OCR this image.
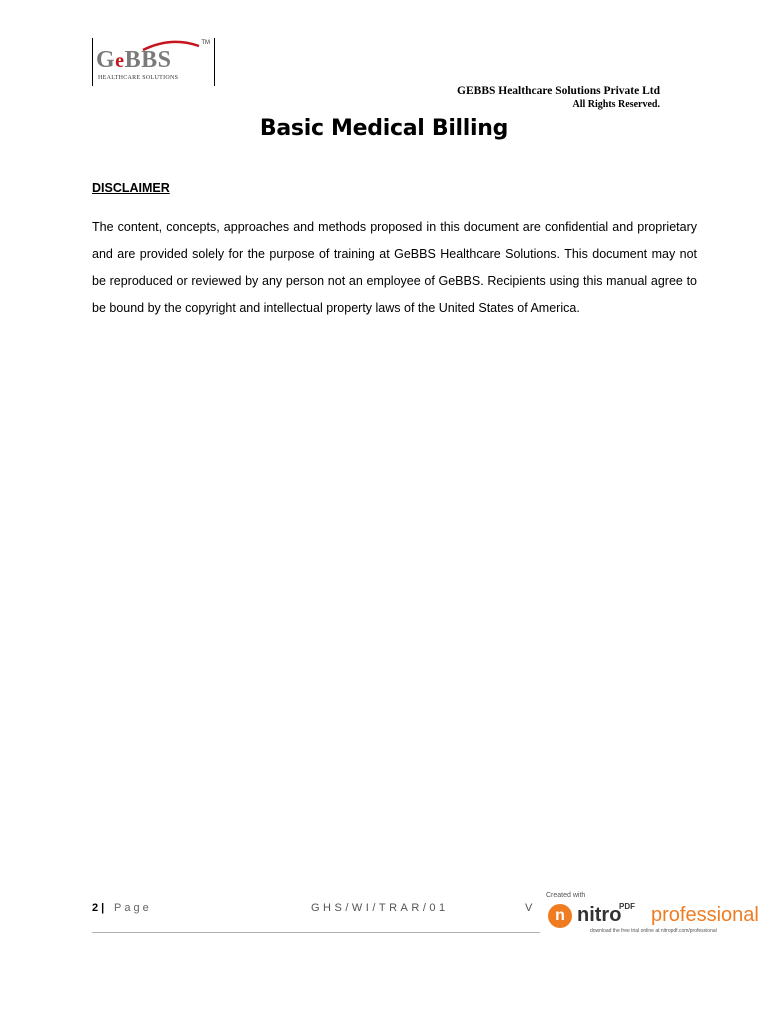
GeBBS
TM
HEALTHCARE SOLUTIONS
GEBBS Healthcare Solutions Private Ltd
All Rights Reserved.
Basic Medical Billing
DISCLAIMER

The content, concepts, approaches and methods proposed in this document are confidential and proprietary and are provided solely for the purpose of training at GeBBS Healthcare Solutions. This document may not be reproduced or reviewed by any person not an employee of GeBBS. Recipients using this manual agree to be bound by the copyright and intellectual property laws of the United States of America.

2 | Page	GHS/WI/TRAR/01	V
Created with
n nitro
PDF professional
download the free trial online at nitropdf.com/professional
